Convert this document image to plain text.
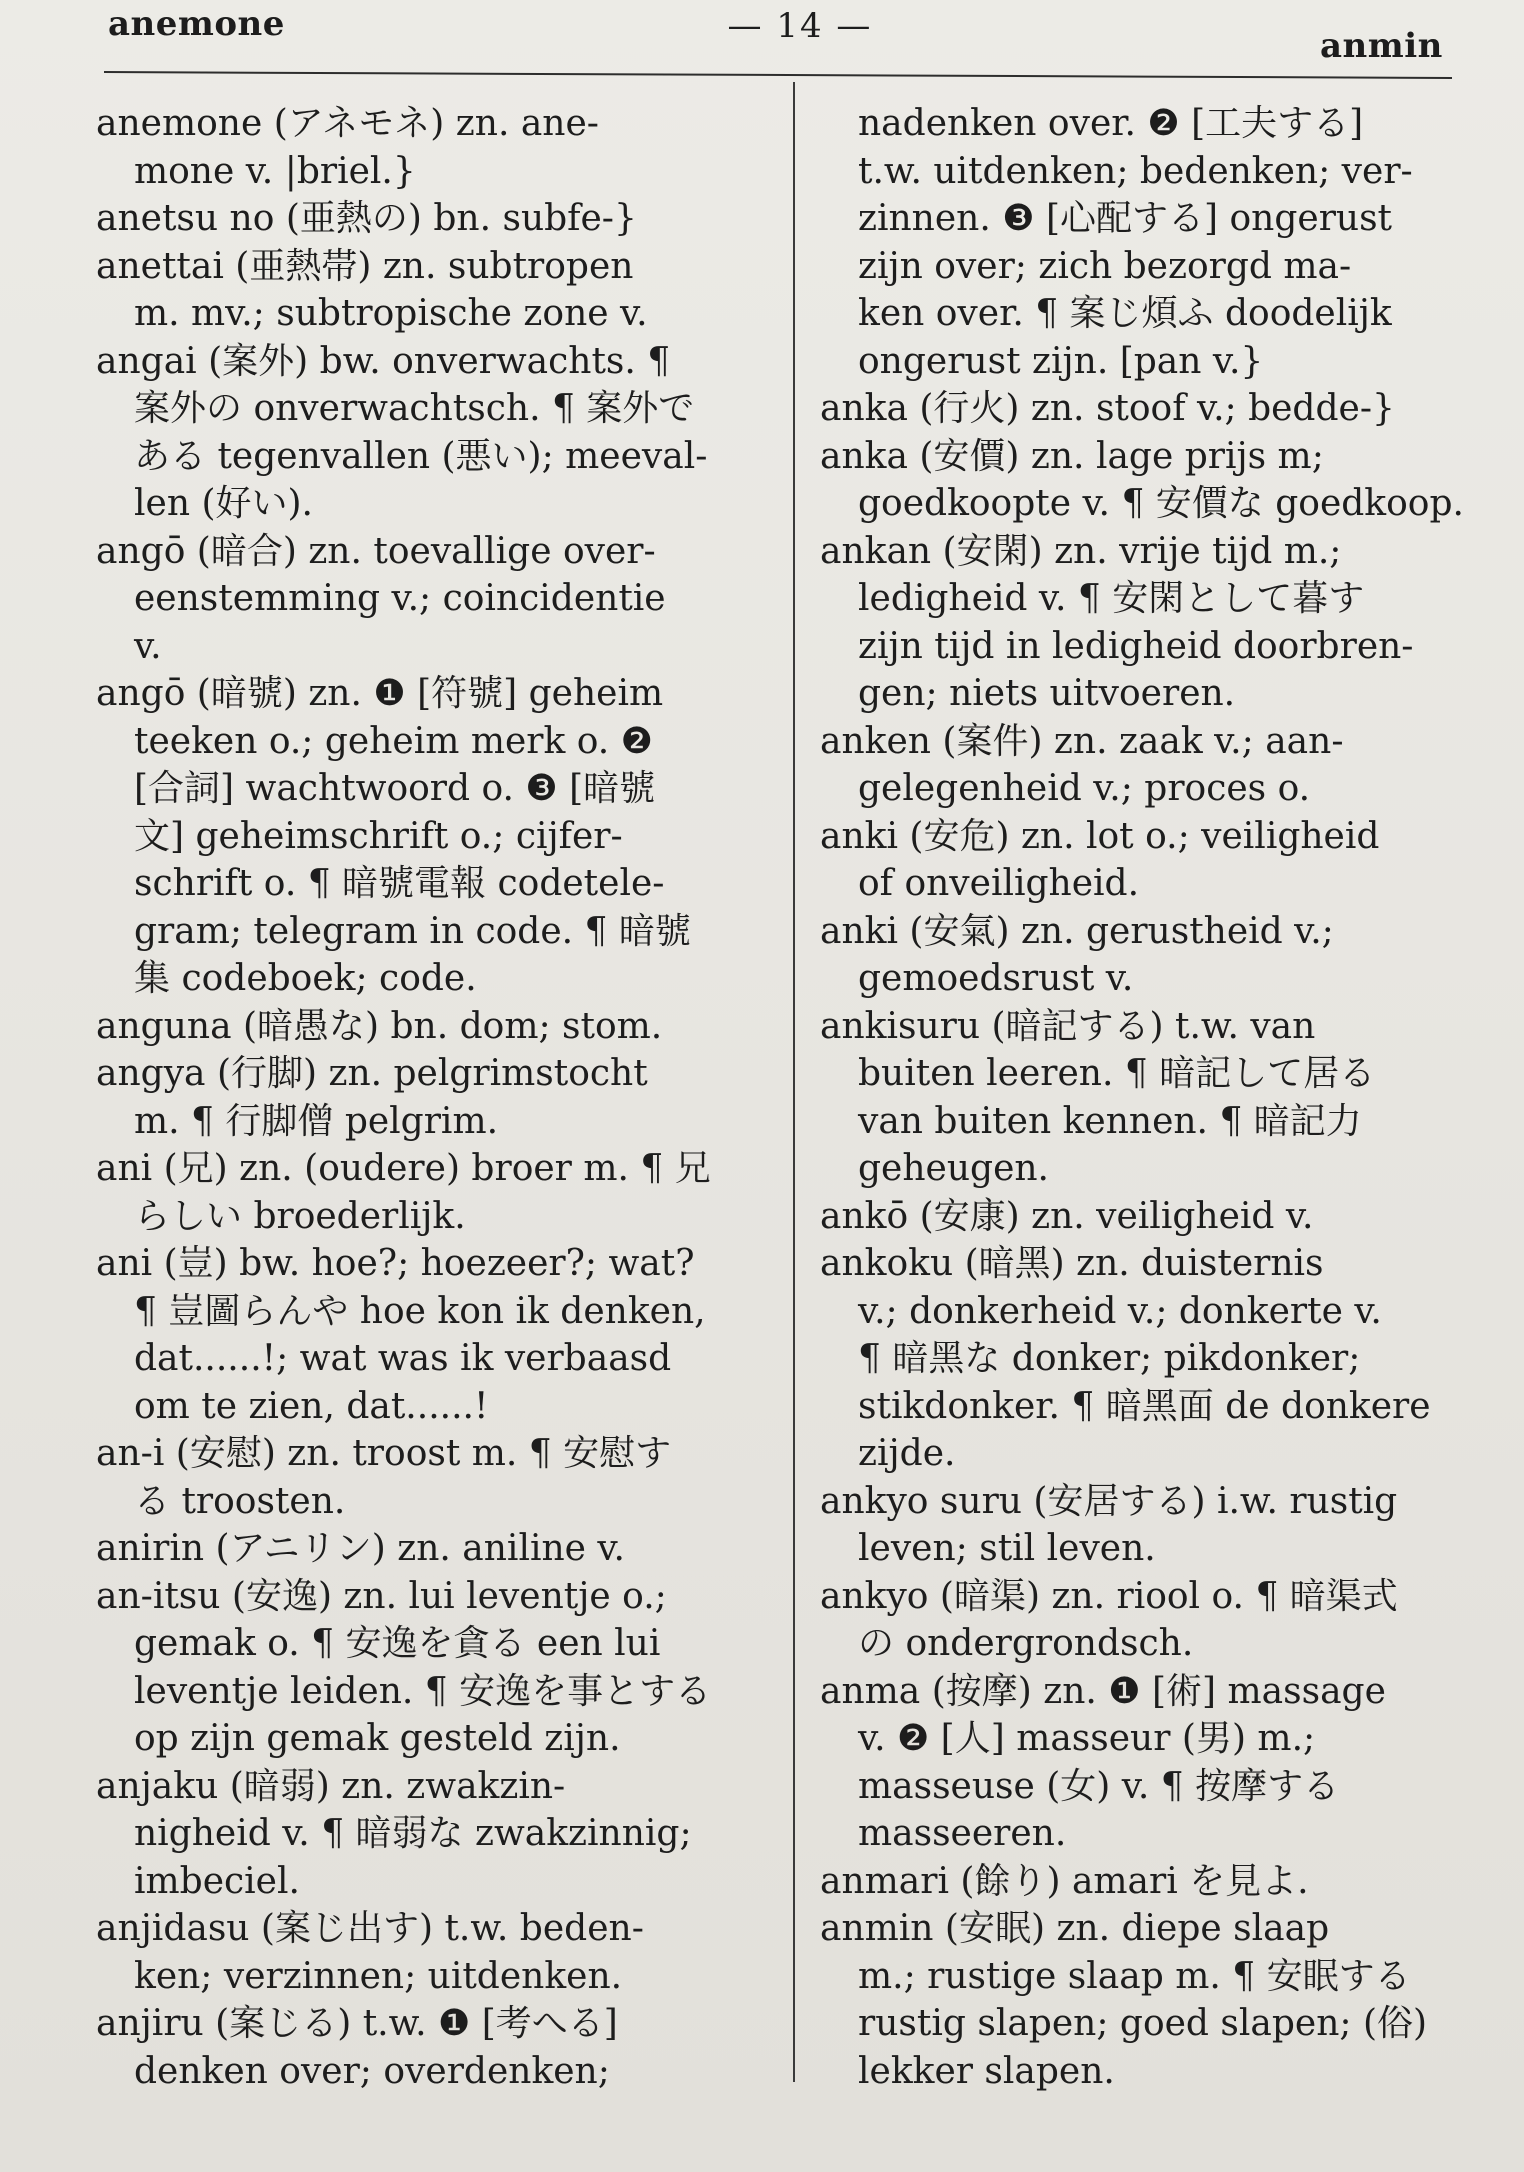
anemone	— 14 —	anmin
anemone (アネモネ) zn. ane-
mone v. |briel.}
anetsu no (亜熱の) bn. subfe-}
anettai (亜熱帯) zn. subtropen
m. mv.; subtropische zone v.
angai (案外) bw. onverwachts. ¶
案外の onverwachtsch. ¶ 案外で
ある tegenvallen (悪い); meeval-
len (好い).
angō (暗合) zn. toevallige over-
eenstemming v.; coincidentie
v.
angō (暗號) zn. ❶ [符號] geheim
teeken o.; geheim merk o. ❷
[合詞] wachtwoord o. ❸ [暗號
文] geheimschrift o.; cijfer-
schrift o. ¶ 暗號電報 codetele-
gram; telegram in code. ¶ 暗號
集 codeboek; code.
anguna (暗愚な) bn. dom; stom.
angya (行脚) zn. pelgrimstocht
m. ¶ 行脚僧 pelgrim.
ani (兄) zn. (oudere) broer m. ¶ 兄
らしい broederlijk.
ani (豈) bw. hoe?; hoezeer?; wat?
¶ 豈圖らんや hoe kon ik denken,
dat......!; wat was ik verbaasd
om te zien, dat......!
an-i (安慰) zn. troost m. ¶ 安慰す
る troosten.
anirin (アニリン) zn. aniline v.
an-itsu (安逸) zn. lui leventje o.;
gemak o. ¶ 安逸を貪る een lui
leventje leiden. ¶ 安逸を事とする
op zijn gemak gesteld zijn.
anjaku (暗弱) zn. zwakzin-
nigheid v. ¶ 暗弱な zwakzinnig;
imbeciel.
anjidasu (案じ出す) t.w. beden-
ken; verzinnen; uitdenken.
anjiru (案じる) t.w. ❶ [考へる]
denken over; overdenken;
nadenken over. ❷ [工夫する]
t.w. uitdenken; bedenken; ver-
zinnen. ❸ [心配する] ongerust
zijn over; zich bezorgd ma-
ken over. ¶ 案じ煩ふ doodelijk
ongerust zijn. [pan v.}
anka (行火) zn. stoof v.; bedde-}
anka (安價) zn. lage prijs m;
goedkoopte v. ¶ 安價な goedkoop.
ankan (安閑) zn. vrije tijd m.;
ledigheid v. ¶ 安閑として暮す
zijn tijd in ledigheid doorbren-
gen; niets uitvoeren.
anken (案件) zn. zaak v.; aan-
gelegenheid v.; proces o.
anki (安危) zn. lot o.; veiligheid
of onveiligheid.
anki (安氣) zn. gerustheid v.;
gemoedsrust v.
ankisuru (暗記する) t.w. van
buiten leeren. ¶ 暗記して居る
van buiten kennen. ¶ 暗記力
geheugen.
ankō (安康) zn. veiligheid v.
ankoku (暗黑) zn. duisternis
v.; donkerheid v.; donkerte v.
¶ 暗黑な donker; pikdonker;
stikdonker. ¶ 暗黑面 de donkere
zijde.
ankyo suru (安居する) i.w. rustig
leven; stil leven.
ankyo (暗渠) zn. riool o. ¶ 暗渠式
の ondergrondsch.
anma (按摩) zn. ❶ [術] massage
v. ❷ [人] masseur (男) m.;
masseuse (女) v. ¶ 按摩する
masseeren.
anmari (餘り) amari を見よ.
anmin (安眠) zn. diepe slaap
m.; rustige slaap m. ¶ 安眠する
rustig slapen; goed slapen; (俗)
lekker slapen.
